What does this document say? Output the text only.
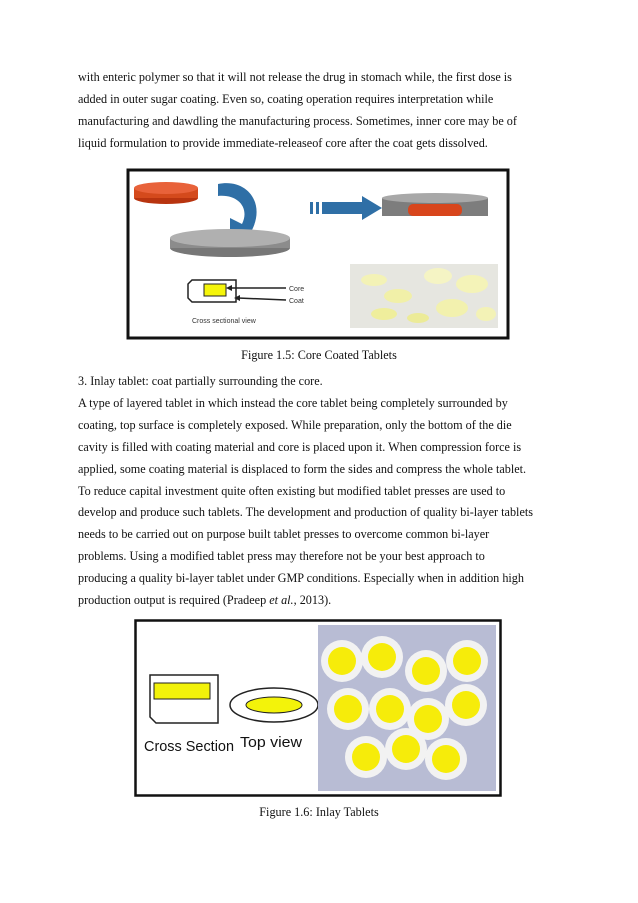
with enteric polymer so that it will not release the drug in stomach while, the first dose is

added in outer sugar coating. Even so, coating operation requires interpretation while

manufacturing and dawdling the manufacturing process. Sometimes, inner core may be of

liquid formulation to provide immediate-releaseof core after the coat gets dissolved.

Core
Coat
Cross sectional view
Figure 1.5: Core Coated Tablets

3. Inlay tablet: coat partially surrounding the core.

A type of layered tablet in which instead the core tablet being completely surrounded by

coating, top surface is completely exposed. While preparation, only the bottom of the die

cavity is filled with coating material and core is placed upon it. When compression force is

applied, some coating material is displaced to form the sides and compress the whole tablet.

To reduce capital investment quite often existing but modified tablet presses are used to

develop and produce such tablets. The development and production of quality bi-layer tablets

needs to be carried out on purpose built tablet presses to overcome common bi-layer

problems. Using a modified tablet press may therefore not be your best approach to

producing a quality bi-layer tablet under GMP conditions. Especially when in addition high

production output is required (Pradeep et al., 2013).

Cross Section Top view
Figure 1.6: Inlay Tablets
